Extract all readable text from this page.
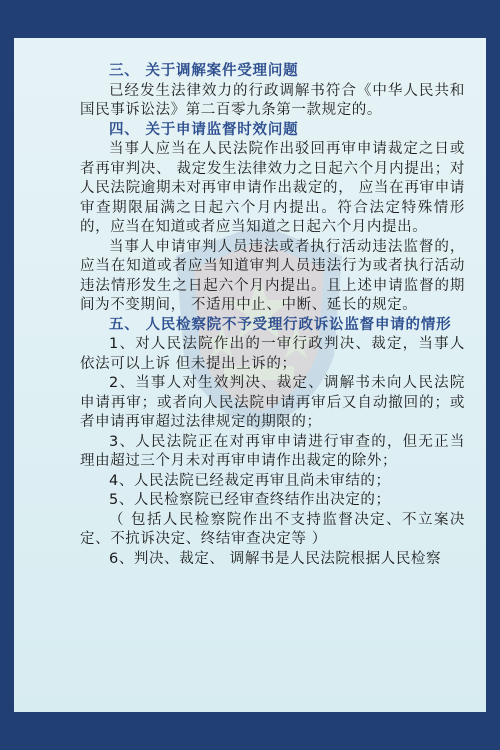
三、 关于调解案件受理问题

已经发生法律效力的行政调解书符合《中华人民共和国民事诉讼法》第二百零九条第一款规定的。

四、 关于申请监督时效问题

当事人应当在人民法院作出驳回再审申请裁定之日或者再审判决、 裁定发生法律效力之日起六个月内提出；对人民法院逾期未对再审申请作出裁定的， 应当在再审申请审查期限届满之日起六个月内提出。符合法定特殊情形的，应当在知道或者应当知道之日起六个月内提出。

当事人申请审判人员违法或者执行活动违法监督的，应当在知道或者应当知道审判人员违法行为或者执行活动违法情形发生之日起六个月内提出。且上述申请监督的期间为不变期间， 不适用中止、中断、延长的规定。

五、 人民检察院不予受理行政诉讼监督申请的情形

1、对人民法院作出的一审行政判决、裁定，当事人依法可以上诉 但未提出上诉的；

2、当事人对生效判决、裁定、调解书未向人民法院申请再审；或者向人民法院申请再审后又自动撤回的；或者申请再审超过法律规定的期限的；

3、人民法院正在对再审申请进行审查的，但无正当理由超过三个月未对再审申请作出裁定的除外；

4、人民法院已经裁定再审且尚未审结的；

5、人民检察院已经审查终结作出决定的；

（ 包括人民检察院作出不支持监督决定、不立案决定、不抗诉决定、终结审查决定等 ）

6、判决、裁定、 调解书是人民法院根据人民检察
